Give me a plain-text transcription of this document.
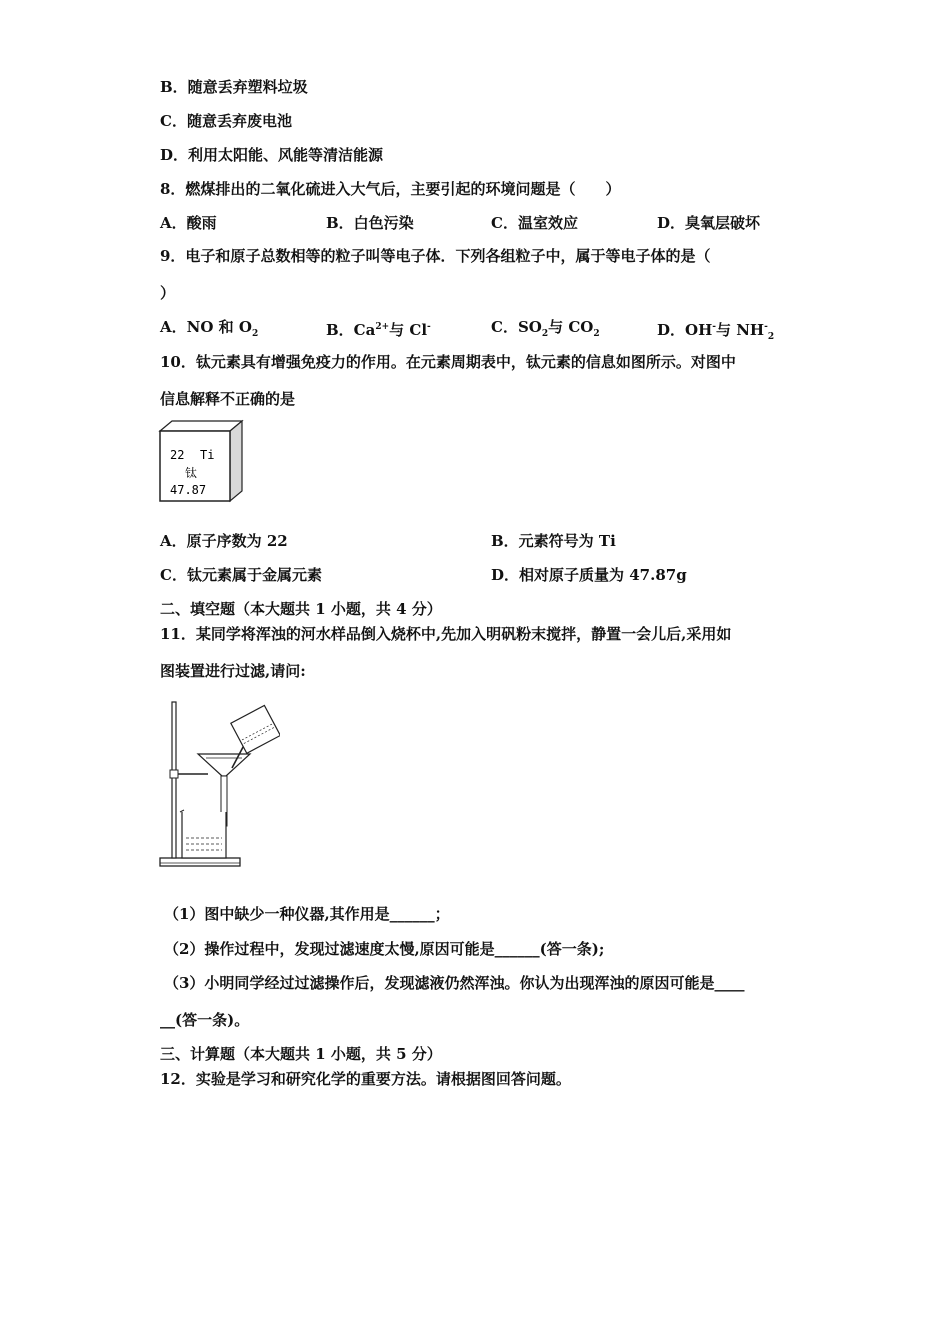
B．随意丢弃塑料垃圾
C．随意丢弃废电池
D．利用太阳能、风能等清洁能源
8．燃煤排出的二氧化硫进入大气后，主要引起的环境问题是（　　）
A．酸雨	B．白色污染	C．温室效应	D．臭氧层破坏
9．电子和原子总数相等的粒子叫等电子体．下列各组粒子中，属于等电子体的是（
）
A．NO 和 $O_2$	B．$Ca^{2+}$与 Cl-	C．$SO_2$与 $CO_2$	D．OH-与 $NH^-_2$
10．钛元素具有增强免疫力的作用。在元素周期表中，钛元素的信息如图所示。对图中
信息解释不正确的是
22 Ti
钛
47.87
A．原子序数为 22	B．元素符号为 Ti
C．钛元素属于金属元素	D．相对原子质量为 47.87g
二、填空题（本大题共 1 小题，共 4 分）
11．某同学将浑浊的河水样品倒入烧杯中,先加入明矾粉末搅拌，静置一会儿后,采用如
图装置进行过滤,请问:
（1）图中缺少一种仪器,其作用是______；
（2）操作过程中，发现过滤速度太慢,原因可能是______(答一条);
（3）小明同学经过过滤操作后，发现滤液仍然浑浊。你认为出现浑浊的原因可能是____
__(答一条)。
三、计算题（本大题共 1 小题，共 5 分）
12．实验是学习和研究化学的重要方法。请根据图回答问题。
